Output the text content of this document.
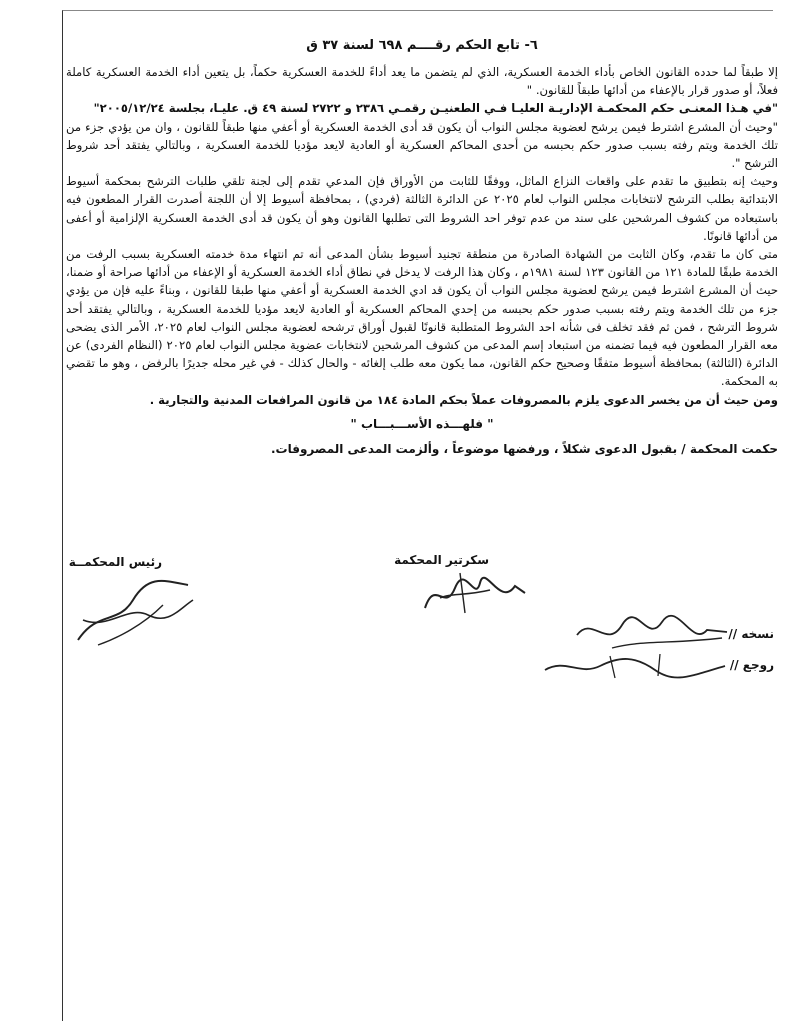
٦- تابع الحكم رقــــم ٦٩٨ لسنة ٣٧ ق

إلا طبقاً لما حدده القانون الخاص بأداء الخدمة العسكرية، الذي لم يتضمن ما يعد أداءً للخدمة العسكرية حكماً، بل يتعين أداء الخدمة العسكرية كاملة فعلاً، أو صدور قرار بالإعفاء من أدائها طبقاً للقانون. "

"في هـذا المعنـى حكم المحكمـة الإداريـة العليـا فـي الطعنيـن رقمـي ٢٣٨٦ و ٢٧٢٢ لسنة ٤٩ ق. عليـا، بجلسة ٢٠٠٥/١٢/٢٤"

"وحيث أن المشرع اشترط فيمن يرشح لعضوية مجلس النواب أن يكون قد أدى الخدمة العسكرية أو أعفي منها طبقاً للقانون ، وان من يؤدي جزء من تلك الخدمة ويتم رفته بسبب صدور حكم بحبسه من أحدى المحاكم العسكرية أو العادية لايعد مؤديا للخدمة العسكرية ، وبالتالي يفتقد أحد شروط الترشح ".

وحيث إنه بتطبيق ما تقدم على واقعات النزاع الماثل، ووفقًا للثابت من الأوراق فإن المدعي تقدم إلى لجنة تلقي طلبات الترشح بمحكمة أسيوط الابتدائية بطلب الترشح لانتخابات مجلس النواب لعام ٢٠٢٥ عن الدائرة الثالثة (فردي) ، بمحافظة أسيوط إلا أن اللجنة أصدرت القرار المطعون فيه باستبعاده من كشوف المرشحين على سند من عدم توفر احد الشروط التى تطلبها القانون وهو أن يكون قد أدى الخدمة العسكرية الإلزامية أو أعفى من أدائها قانونًا.

متى كان ما تقدم، وكان الثابت من الشهادة الصادرة من منطقة تجنيد أسيوط بشأن المدعى أنه تم انتهاء مدة خدمته العسكرية بسبب الرفت من الخدمة طبقًا للمادة ١٢١ من القانون ١٢٣ لسنة ١٩٨١م ، وكان هذا الرفت لا يدخل في نطاق أداء الخدمة العسكرية أو الإعفاء من أدائها صراحة أو ضمنا، حيث أن المشرع اشترط فيمن يرشح لعضوية مجلس النواب أن يكون قد ادي الخدمة العسكرية أو أعفي منها طبقا للقانون ، وبناءً عليه فإن من يؤدي جزء من تلك الخدمة ويتم رفته بسبب صدور حكم بحبسه من إحدي المحاكم العسكرية أو العادية لايعد مؤديا للخدمة العسكرية ، وبالتالي يفتقد أحد شروط الترشح ، فمن ثم فقد تخلف فى شأنه احد الشروط المتطلبة قانونًا لقبول أوراق ترشحه لعضوية مجلس النواب لعام ٢٠٢٥، الأمر الذى يضحى معه القرار المطعون فيه فيما تضمنه من استبعاد إسم المدعى من كشوف المرشحين لانتخابات عضوية مجلس النواب لعام ٢٠٢٥ (النظام الفردى) عن الدائرة (الثالثة) بمحافظة أسيوط متفقًا وصحيح حكم القانون، مما يكون معه طلب إلغائه - والحال كذلك - في غير محله جديرًا بالرفض ، وهو ما تقضي به المحكمة.

ومن حيث أن من يخسر الدعوى يلزم بالمصروفات عملاً بحكم المادة ١٨٤ من قانون المرافعات المدنية والتجارية .

" فلهـــذه الأســـبـــاب "
حكمت المحكمة / بقبول الدعوى شكلاً ، ورفضها موضوعاً ، وألزمت المدعى المصروفات.
سكرتير المحكمة
رئيس المحكمــة
نسخه //
روجع //
